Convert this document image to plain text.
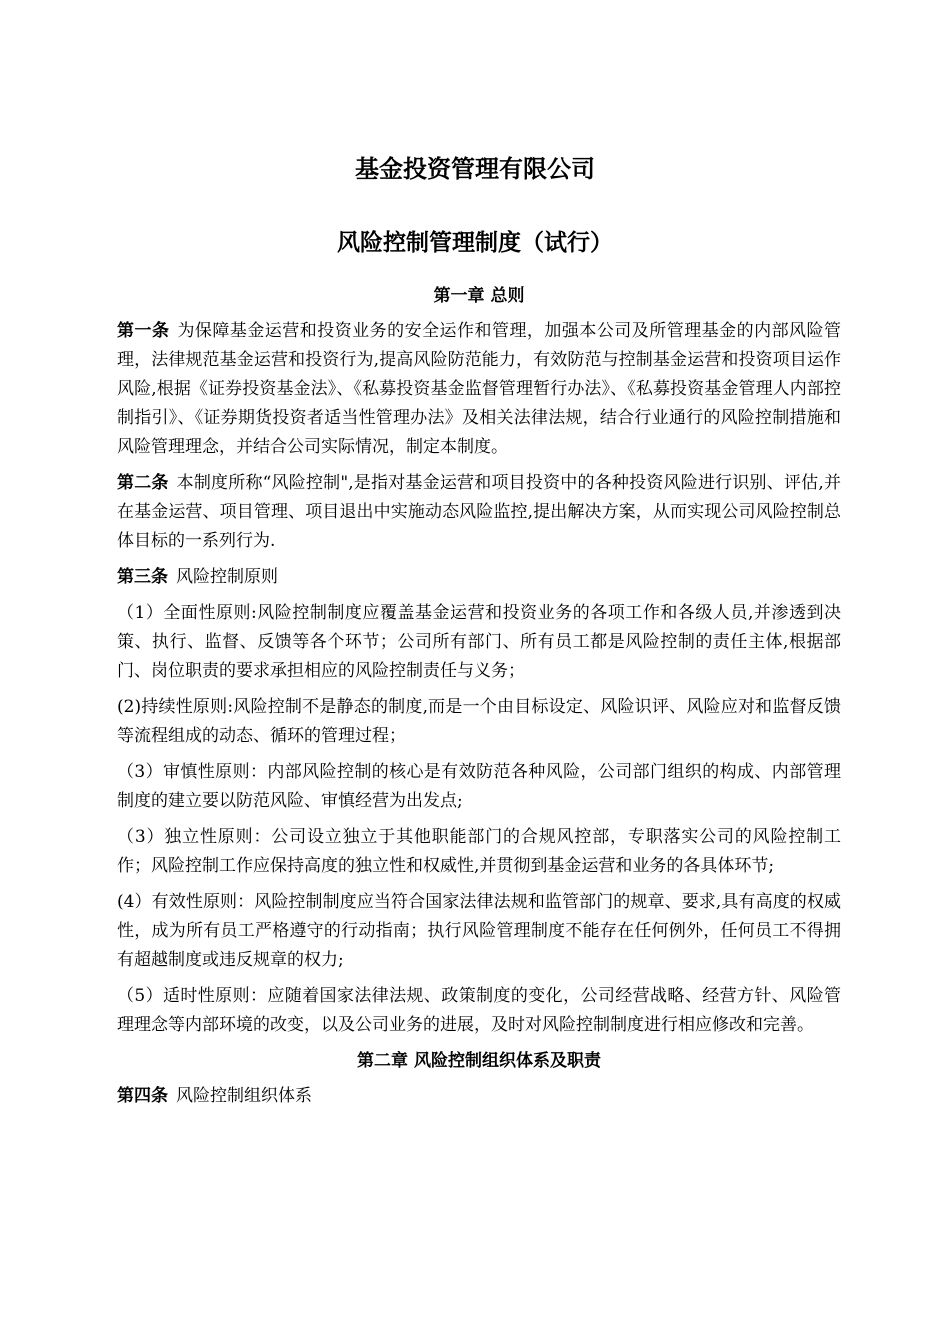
基金投资管理有限公司
风险控制管理制度（试行）
第一章 总则

第一条 为保障基金运营和投资业务的安全运作和管理，加强本公司及所管理基金的内部风险管理，法律规范基金运营和投资行为,提高风险防范能力，有效防范与控制基金运营和投资项目运作风险,根据《证券投资基金法》、《私募投资基金监督管理暂行办法》、《私募投资基金管理人内部控制指引》、《证券期货投资者适当性管理办法》及相关法律法规，结合行业通行的风险控制措施和风险管理理念，并结合公司实际情况，制定本制度。

第二条 本制度所称“风险控制",是指对基金运营和项目投资中的各种投资风险进行识别、评估,并在基金运营、项目管理、项目退出中实施动态风险监控,提出解决方案，从而实现公司风险控制总体目标的一系列行为.

第三条 风险控制原则

（1）全面性原则:风险控制制度应覆盖基金运营和投资业务的各项工作和各级人员,并渗透到决策、执行、监督、反馈等各个环节；公司所有部门、所有员工都是风险控制的责任主体,根据部门、岗位职责的要求承担相应的风险控制责任与义务；

(2)持续性原则:风险控制不是静态的制度,而是一个由目标设定、风险识评、风险应对和监督反馈等流程组成的动态、循环的管理过程；

（3）审慎性原则：内部风险控制的核心是有效防范各种风险，公司部门组织的构成、内部管理制度的建立要以防范风险、审慎经营为出发点;

（3）独立性原则：公司设立独立于其他职能部门的合规风控部，专职落实公司的风险控制工作；风险控制工作应保持高度的独立性和权威性,并贯彻到基金运营和业务的各具体环节;

(4）有效性原则：风险控制制度应当符合国家法律法规和监管部门的规章、要求,具有高度的权威性，成为所有员工严格遵守的行动指南；执行风险管理制度不能存在任何例外，任何员工不得拥有超越制度或违反规章的权力;

（5）适时性原则：应随着国家法律法规、政策制度的变化，公司经营战略、经营方针、风险管理理念等内部环境的改变，以及公司业务的进展，及时对风险控制制度进行相应修改和完善。

第二章 风险控制组织体系及职责

第四条 风险控制组织体系
